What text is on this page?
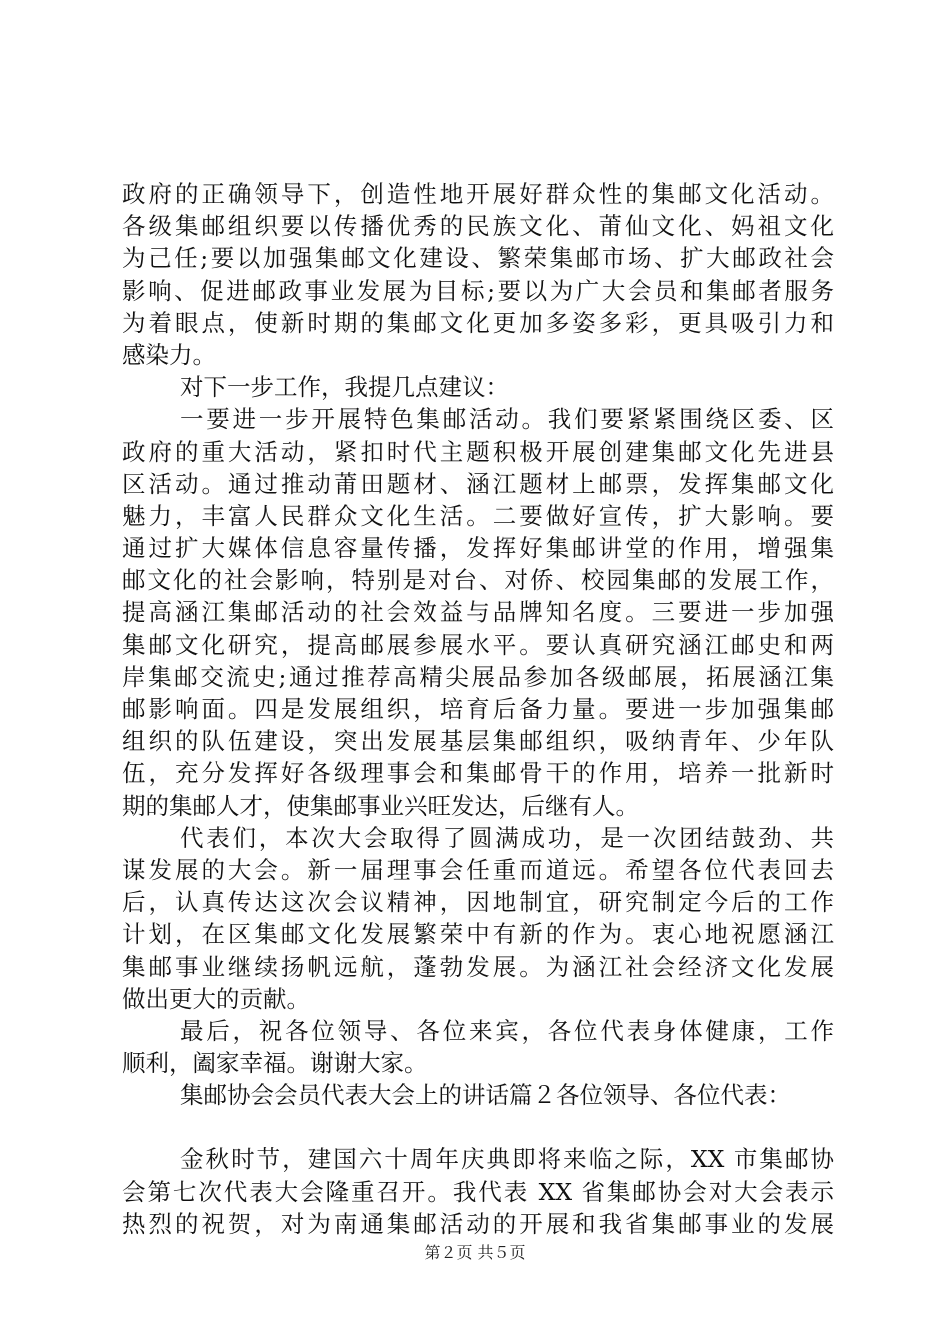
政府的正确领导下，创造性地开展好群众性的集邮文化活动。
各级集邮组织要以传播优秀的民族文化、莆仙文化、妈祖文化
为己任;要以加强集邮文化建设、繁荣集邮市场、扩大邮政社会
影响、促进邮政事业发展为目标;要以为广大会员和集邮者服务
为着眼点，使新时期的集邮文化更加多姿多彩，更具吸引力和
感染力。
对下一步工作，我提几点建议：
一要进一步开展特色集邮活动。我们要紧紧围绕区委、区
政府的重大活动，紧扣时代主题积极开展创建集邮文化先进县
区活动。通过推动莆田题材、涵江题材上邮票，发挥集邮文化
魅力，丰富人民群众文化生活。二要做好宣传，扩大影响。要
通过扩大媒体信息容量传播，发挥好集邮讲堂的作用，增强集
邮文化的社会影响，特别是对台、对侨、校园集邮的发展工作，
提高涵江集邮活动的社会效益与品牌知名度。三要进一步加强
集邮文化研究，提高邮展参展水平。要认真研究涵江邮史和两
岸集邮交流史;通过推荐高精尖展品参加各级邮展，拓展涵江集
邮影响面。四是发展组织，培育后备力量。要进一步加强集邮
组织的队伍建设，突出发展基层集邮组织，吸纳青年、少年队
伍，充分发挥好各级理事会和集邮骨干的作用，培养一批新时
期的集邮人才，使集邮事业兴旺发达，后继有人。
代表们，本次大会取得了圆满成功，是一次团结鼓劲、共
谋发展的大会。新一届理事会任重而道远。希望各位代表回去
后，认真传达这次会议精神，因地制宜，研究制定今后的工作
计划，在区集邮文化发展繁荣中有新的作为。衷心地祝愿涵江
集邮事业继续扬帆远航，蓬勃发展。为涵江社会经济文化发展
做出更大的贡献。
最后，祝各位领导、各位来宾，各位代表身体健康，工作
顺利，阖家幸福。谢谢大家。
集邮协会会员代表大会上的讲话篇２各位领导、各位代表：
金秋时节，建国六十周年庆典即将来临之际，XX 市集邮协
会第七次代表大会隆重召开。我代表 XX 省集邮协会对大会表示
热烈的祝贺，对为南通集邮活动的开展和我省集邮事业的发展
第２页 共５页
